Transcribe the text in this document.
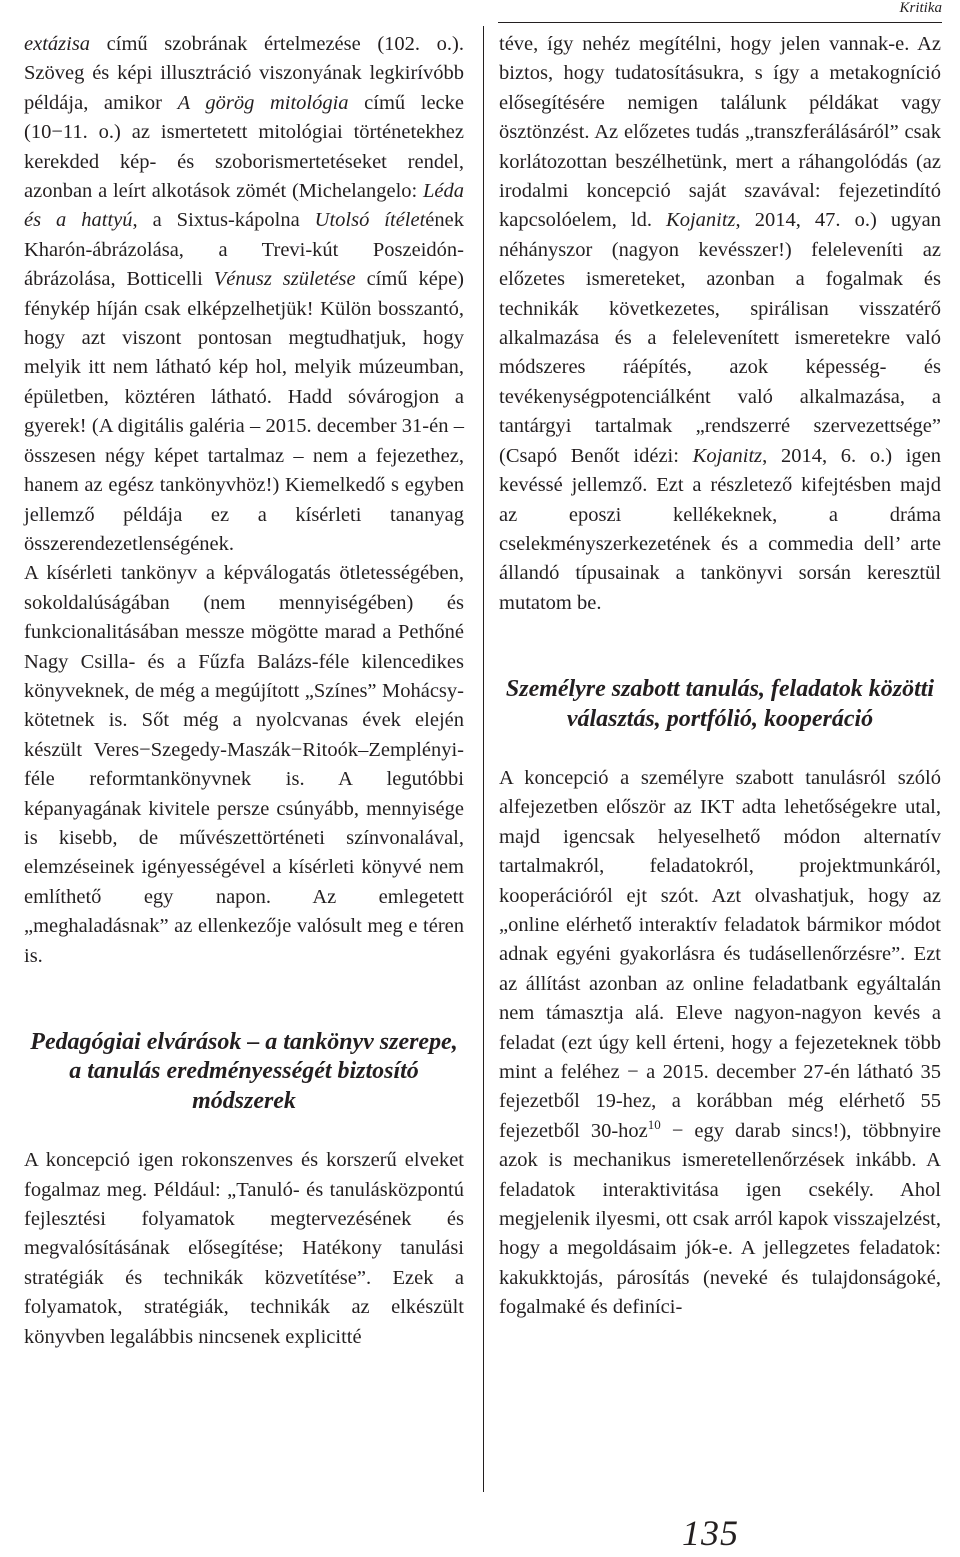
Kritika

extázisa című szobrának értelmezése (102. o.). Szöveg és képi illusztráció viszonyának legkirívóbb példája, amikor A görög mitológia című lecke (10−11. o.) az ismertetett mitológiai történetekhez kerekded kép- és szoborismertetéseket rendel, azonban a leírt alkotások zömét (Michelangelo: Léda és a hattyú, a Sixtus-kápolna Utolsó ítéletének Kharón-ábrázolása, a Trevi-kút Poszeidón-ábrázolása, Botticelli Vénusz születése című képe) fénykép híján csak elképzelhetjük! Külön bosszantó, hogy azt viszont pontosan megtudhatjuk, hogy melyik itt nem látható kép hol, melyik múzeumban, épületben, köztéren látható. Hadd sóvárogjon a gyerek! (A digitális galéria – 2015. december 31-én – összesen négy képet tartalmaz – nem a fejezethez, hanem az egész tankönyvhöz!) Kiemelkedő s egyben jellemző példája ez a kísérleti tananyag összerendezetlenségének.

A kísérleti tankönyv a képválogatás ötletességében, sokoldalúságában (nem mennyiségében) és funkcionalitásában messze mögötte marad a Pethőné Nagy Csilla- és a Fűzfa Balázs-féle kilencedikes könyveknek, de még a megújított „Színes” Mohácsy-kötetnek is. Sőt még a nyolcvanas évek elején készült Veres−Szegedy-Maszák−Ritoók–Zemplényi-féle reformtankönyvnek is. A legutóbbi képanyagának kivitele persze csúnyább, mennyisége is kisebb, de művészettörténeti színvonalával, elemzéseinek igényességével a kísérleti könyvé nem említhető egy napon. Az emlegetett „meghaladásnak” az ellenkezője valósult meg e téren is.

Pedagógiai elvárások – a tankönyv szerepe, a tanulás eredményességét biztosító módszerek

A koncepció igen rokonszenves és korszerű elveket fogalmaz meg. Például: „Tanuló- és tanulásközpontú fejlesztési folyamatok megtervezésének és megvalósításának elősegítése; Hatékony tanulási stratégiák és technikák közvetítése”. Ezek a folyamatok, stratégiák, technikák az elkészült könyvben legalábbis nincsenek explicitté

téve, így nehéz megítélni, hogy jelen vannak-e. Az biztos, hogy tudatosításukra, s így a metakogníció elősegítésére nemigen találunk példákat vagy ösztönzést. Az előzetes tudás „transzferálásáról” csak korlátozottan beszélhetünk, mert a ráhangolódás (az irodalmi koncepció saját szavával: fejezetindító kapcsolóelem, ld. Kojanitz, 2014, 47. o.) ugyan néhányszor (nagyon kevésszer!) feleleveníti az előzetes ismereteket, azonban a fogalmak és technikák következetes, spirálisan visszatérő alkalmazása és a felelevenített ismeretekre való módszeres ráépítés, azok képesség- és tevékenységpotenciálként való alkalmazása, a tantárgyi tartalmak „rendszerré szervezettsége” (Csapó Benőt idézi: Kojanitz, 2014, 6. o.) igen kevéssé jellemző. Ezt a részletező kifejtésben majd az eposzi kellékeknek, a dráma cselekményszerkezetének és a commedia dell’ arte állandó típusainak a tankönyvi sorsán keresztül mutatom be.

Személyre szabott tanulás, feladatok közötti választás, portfólió, kooperáció

A koncepció a személyre szabott tanulásról szóló alfejezetben először az IKT adta lehetőségekre utal, majd igencsak helyeselhető módon alternatív tartalmakról, feladatokról, projektmunkáról, kooperációról ejt szót. Azt olvashatjuk, hogy az „online elérhető interaktív feladatok bármikor módot adnak egyéni gyakorlásra és tudásellenőrzésre”. Ezt az állítást azonban az online feladatbank egyáltalán nem támasztja alá. Eleve nagyon-nagyon kevés a feladat (ezt úgy kell érteni, hogy a fejezeteknek több mint a feléhez − a 2015. december 27-én látható 35 fejezetből 19-hez, a korábban még elérhető 55 fejezetből 30-hoz$^{10}$ − egy darab sincs!), többnyire azok is mechanikus ismeretellenőrzések inkább. A feladatok interaktivitása igen csekély. Ahol megjelenik ilyesmi, ott csak arról kapok visszajelzést, hogy a megoldásaim jók-e. A jellegzetes feladatok: kakukktojás, párosítás (neveké és tulajdonságoké, fogalmaké és definíci-

135
